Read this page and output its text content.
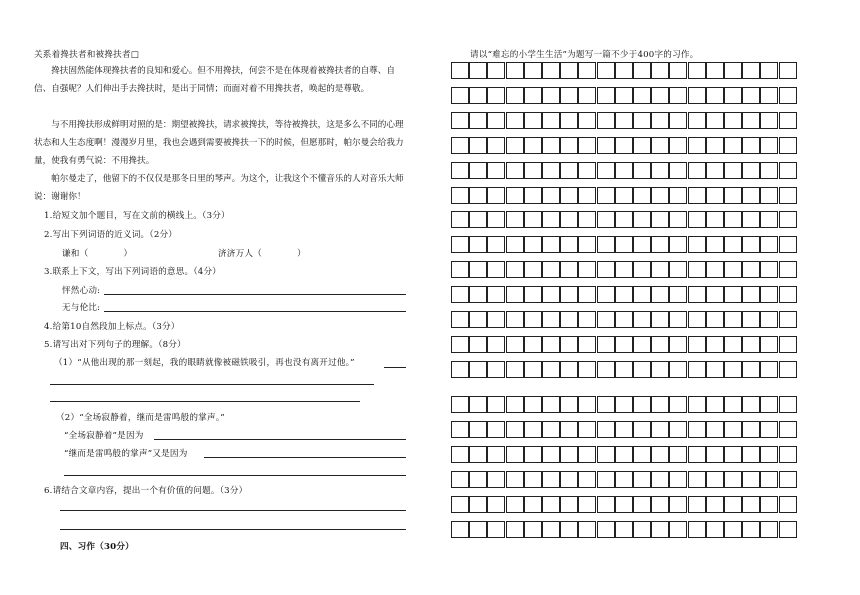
关系着搀扶者和被搀扶者□
搀扶固然能体现搀扶者的良知和爱心。但不用搀扶，何尝不是在体现着被搀扶者的自尊、自信、自强呢？人们伸出手去搀扶时，是出于同情；而面对着不用搀扶者，唤起的是尊敬。
与不用搀扶形成鲜明对照的是：期望被搀扶，请求被搀扶，等待被搀扶，这是多么不同的心理状态和人生态度啊！漫漫岁月里，我也会遇到需要被搀扶一下的时候，但愿那时，帕尔曼会给我力量，使我有勇气说：不用搀扶。
帕尔曼走了，他留下的不仅仅是那冬日里的琴声。为这个，让我这个不懂音乐的人对音乐大师说：谢谢你！
1.给短文加个题目，写在文前的横线上。（3分）
2.写出下列词语的近义词。（2分）
谦和（　　　　）	济济万人（　　　　）
3.联系上下文，写出下列词语的意思。（4分）
怦然心动:
无与伦比:
4.给第10自然段加上标点。（3分）
5.请写出对下列句子的理解。（8分）
（1）“从他出现的那一刻起，我的眼睛就像被磁铁吸引，再也没有离开过他。”
（2）“全场寂静着，继而是雷鸣般的掌声。”
“全场寂静着”是因为
“继而是雷鸣般的掌声”又是因为
6.请结合文章内容，提出一个有价值的问题。（3分）
四、习作（30分）
请以“难忘的小学生生活”为题写一篇不少于400字的习作。
